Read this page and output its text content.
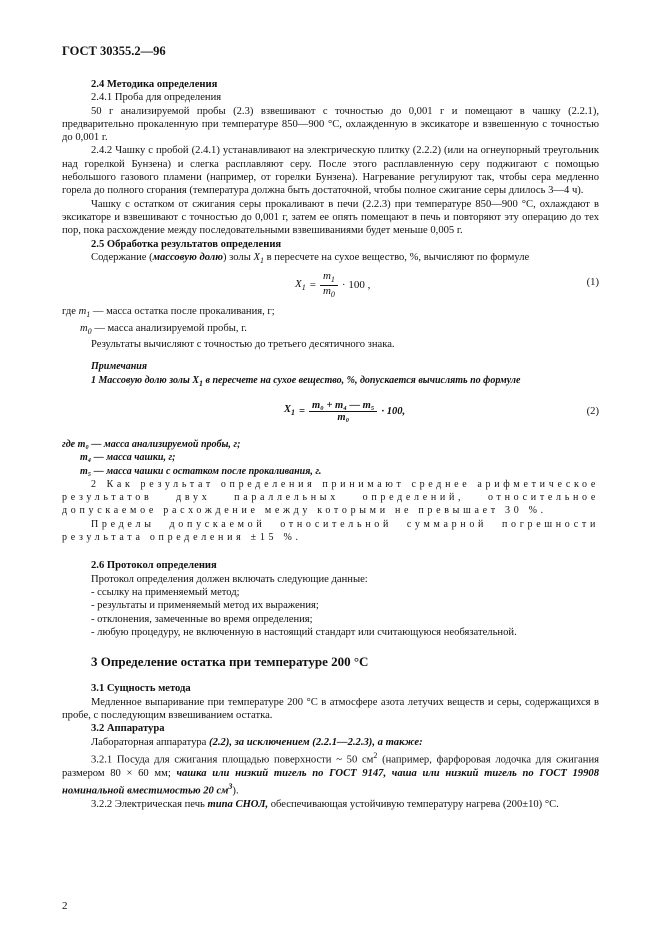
ГОСТ 30355.2—96

2.4 Методика определения

2.4.1 Проба для определения

50 г анализируемой пробы (2.3) взвешивают с точностью до 0,001 г и помещают в чашку (2.2.1), предварительно прокаленную при температуре 850—900 °С, охлажденную в эксикаторе и взвешенную с точностью до 0,001 г.

2.4.2 Чашку с пробой (2.4.1) устанавливают на электрическую плитку (2.2.2) (или на огнеупорный треугольник над горелкой Бунзена) и слегка расплавляют серу. После этого расплавленную серу поджигают с помощью небольшого газового пламени (например, от горелки Бунзена). Нагревание регулируют так, чтобы сера медленно горела до полного сгорания (температура должна быть достаточной, чтобы полное сжигание серы длилось 3—4 ч).

Чашку с остатком от сжигания серы прокаливают в печи (2.2.3) при температуре 850—900 °С, охлаждают в эксикаторе и взвешивают с точностью до 0,001 г, затем ее опять помещают в печь и повторяют эту операцию до тех пор, пока расхождение между последовательными взвешиваниями будет меньше 0,005 г.

2.5 Обработка результатов определения

Содержание (массовую долю) золы $X_1$ в пересчете на сухое вещество, %, вычисляют по формуле

$X_1 = \frac{m_1}{m_0} \cdot 100$ ,	(1)

где $m_1$ — масса остатка после прокаливания, г;

$m_0$ — масса анализируемой пробы, г.

Результаты вычисляют с точностью до третьего десятичного знака.

Примечания

1 Массовую долю золы $X_1$ в пересчете на сухое вещество, %, допускается вычислять по формуле

$X_1 = \frac{\text{m₀ + m₄ — m₅}}{\text{m₀}} \cdot 100$,	(2)

где m₀ — масса анализируемой пробы, г;

m₄ — масса чашки, г;

m₅ — масса чашки с остатком после прокаливания, г.

2 Как результат определения принимают среднее арифметическое результатов двух параллельных определений, относительное допускаемое расхождение между которыми не превышает 30 %.

Пределы допускаемой относительной суммарной погрешности результата определения ±15 %.

2.6 Протокол определения

Протокол определения должен включать следующие данные:

- ссылку на применяемый метод;

- результаты и применяемый метод их выражения;

- отклонения, замеченные во время определения;

- любую процедуру, не включенную в настоящий стандарт или считающуюся необязательной.

3 Определение остатка при температуре 200 °С

3.1 Сущность метода

Медленное выпаривание при температуре 200 °С в атмосфере азота летучих веществ и серы, содержащихся в пробе, с последующим взвешиванием остатка.

3.2 Аппаратура

Лабораторная аппаратура (2.2), за исключением (2.2.1—2.2.3), а также:

3.2.1 Посуда для сжигания площадью поверхности ~ 50 $см^2$ (например, фарфоровая лодочка для сжигания размером 80 × 60 мм; чашка или низкий тигель по ГОСТ 9147, чаша или низкий тигель по ГОСТ 19908 номинальной вместимостью 20 $см^3$).

3.2.2 Электрическая печь типа СНОЛ, обеспечивающая устойчивую температуру нагрева (200±10) °С.

2
